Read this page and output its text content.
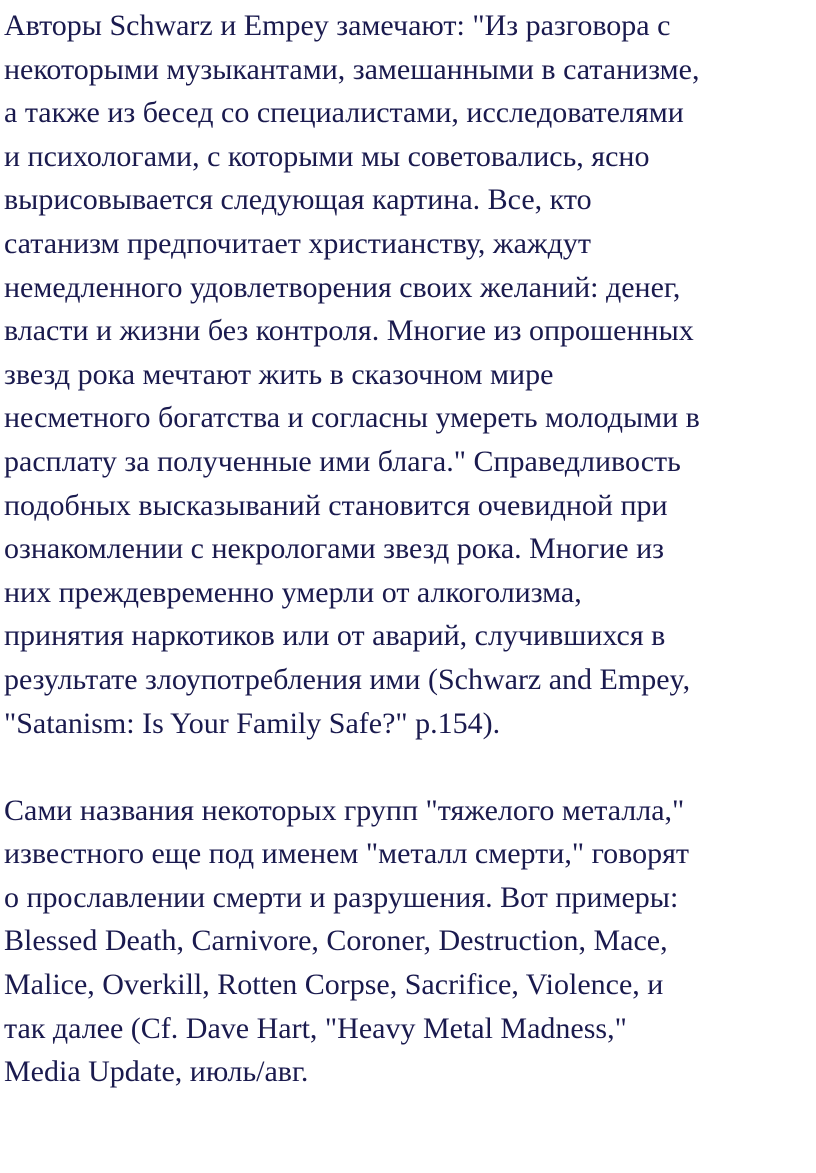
Авторы Schwarz и Empey замечают: "Из разговора с
некоторыми музыкантами, замешанными в сатанизме,
а также из бесед со специалистами, исследователями
и психологами, с которыми мы советовались, ясно
вырисовывается следующая картина. Все, кто
сатанизм предпочитает христианству, жаждут
немедленного удовлетворения своих желаний: денег,
власти и жизни без контроля. Многие из опрошенных
звезд рока мечтают жить в сказочном мире
несметного богатства и согласны умереть молодыми в
расплату за полученные ими блага." Справедливость
подобных высказываний становится очевидной при
ознакомлении с некрологами звезд рока. Многие из
них преждевременно умерли от алкоголизма,
принятия наркотиков или от аварий, случившихся в
результате злоупотребления ими (Schwarz and Empey,
"Satanism: Is Your Family Safe?" p.154).
Сами названия некоторых групп "тяжелого металла,"
известного еще под именем "металл смерти," говорят
о прославлении смерти и разрушения. Вот примеры:
Blessed Death, Carnivore, Coroner, Destruction, Mace,
Malice, Overkill, Rotten Corpse, Sacrifice, Violence, и
так далее (Cf. Dave Hart, "Heavy Metal Madness,"
Media Update, июль/авг.
